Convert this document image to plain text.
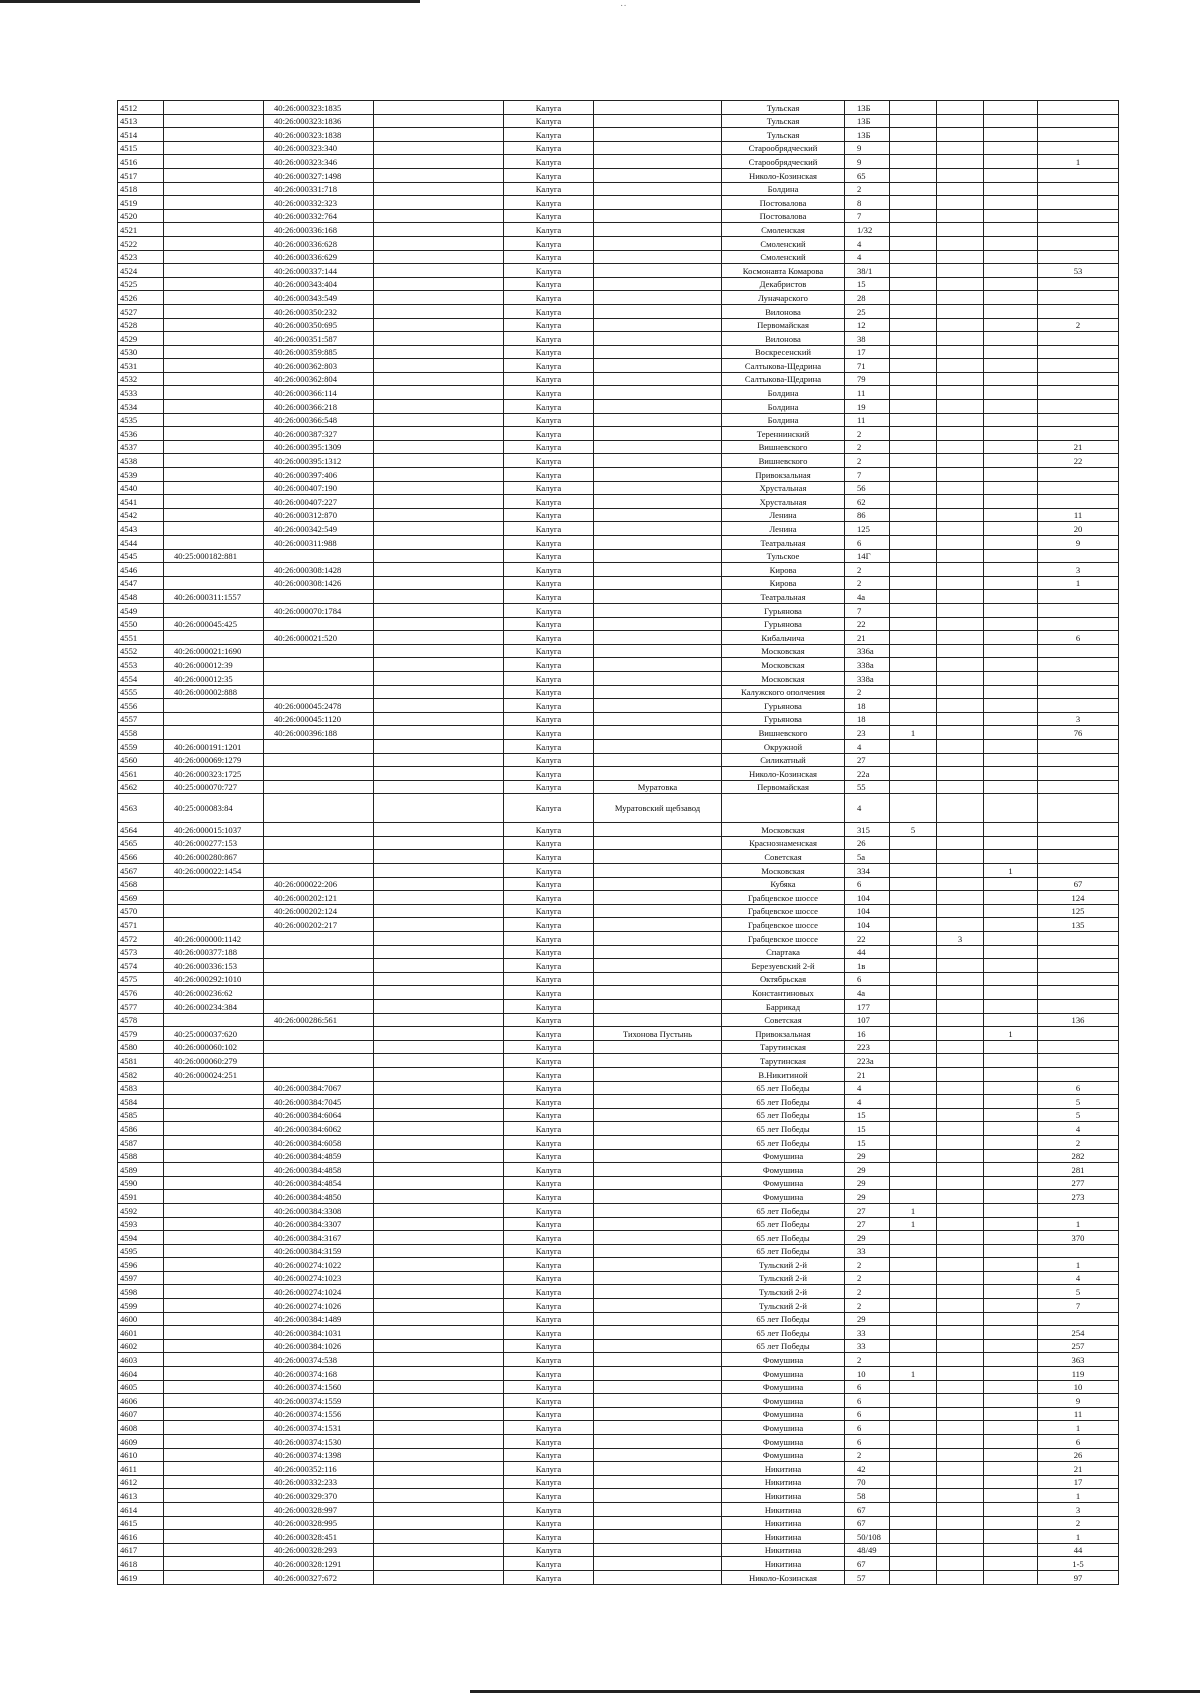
˙˙
4512		40:26:000323:1835		Калуга		Тульская	13Б				
4513		40:26:000323:1836		Калуга		Тульская	13Б				
4514		40:26:000323:1838		Калуга		Тульская	13Б				
4515		40:26:000323:340		Калуга		Старообрядческий	9				
4516		40:26:000323:346		Калуга		Старообрядческий	9				1
4517		40:26:000327:1498		Калуга		Николо-Козинская	65				
4518		40:26:000331:718		Калуга		Болдина	2				
4519		40:26:000332:323		Калуга		Постовалова	8				
4520		40:26:000332:764		Калуга		Постовалова	7				
4521		40:26:000336:168		Калуга		Смоленская	1/32				
4522		40:26:000336:628		Калуга		Смоленский	4				
4523		40:26:000336:629		Калуга		Смоленский	4				
4524		40:26:000337:144		Калуга		Космонавта Комарова	38/1				53
4525		40:26:000343:404		Калуга		Декабристов	15				
4526		40:26:000343:549		Калуга		Луначарского	28				
4527		40:26:000350:232		Калуга		Вилонова	25				
4528		40:26:000350:695		Калуга		Первомайская	12				2
4529		40:26:000351:587		Калуга		Вилонова	38				
4530		40:26:000359:885		Калуга		Воскресенский	17				
4531		40:26:000362:803		Калуга		Салтыкова-Щедрина	71				
4532		40:26:000362:804		Калуга		Салтыкова-Щедрина	79				
4533		40:26:000366:114		Калуга		Болдина	11				
4534		40:26:000366:218		Калуга		Болдина	19				
4535		40:26:000366:548		Калуга		Болдина	11				
4536		40:26:000387:327		Калуга		Тереннинский	2				
4537		40:26:000395:1309		Калуга		Вишневского	2				21
4538		40:26:000395:1312		Калуга		Вишневского	2				22
4539		40:26:000397:406		Калуга		Привокзальная	7				
4540		40:26:000407:190		Калуга		Хрустальная	56				
4541		40:26:000407:227		Калуга		Хрустальная	62				
4542		40:26:000312:870		Калуга		Ленина	86				11
4543		40:26:000342:549		Калуга		Ленина	125				20
4544		40:26:000311:988		Калуга		Театральная	6				9
4545	40:25:000182:881			Калуга		Тульское	14Г				
4546		40:26:000308:1428		Калуга		Кирова	2				3
4547		40:26:000308:1426		Калуга		Кирова	2				1
4548	40:26:000311:1557			Калуга		Театральная	4а				
4549		40:26:000070:1784		Калуга		Гурьянова	7				
4550	40:26:000045:425			Калуга		Гурьянова	22				
4551		40:26:000021:520		Калуга		Кибальчича	21				6
4552	40:26:000021:1690			Калуга		Московская	336а				
4553	40:26:000012:39			Калуга		Московская	338а				
4554	40:26:000012:35			Калуга		Московская	338а				
4555	40:26:000002:888			Калуга		Калужского ополчения	2				
4556		40:26:000045:2478		Калуга		Гурьянова	18				
4557		40:26:000045:1120		Калуга		Гурьянова	18				3
4558		40:26:000396:188		Калуга		Вишневского	23	1			76
4559	40:26:000191:1201			Калуга		Окружной	4				
4560	40:26:000069:1279			Калуга		Силикатный	27				
4561	40:26:000323:1725			Калуга		Николо-Козинская	22а				
4562	40:25:000070:727			Калуга	Муратовка	Первомайская	55				
4563	40:25:000083:84			Калуга	Муратовский щебзавод		4				
4564	40:26:000015:1037			Калуга		Московская	315	5			
4565	40:26:000277:153			Калуга		Краснознаменская	26				
4566	40:26:000280:867			Калуга		Советская	5а				
4567	40:26:000022:1454			Калуга		Московская	334			1	
4568		40:26:000022:206		Калуга		Кубяка	6				67
4569		40:26:000202:121		Калуга		Грабцевское шоссе	104				124
4570		40:26:000202:124		Калуга		Грабцевское шоссе	104				125
4571		40:26:000202:217		Калуга		Грабцевское шоссе	104				135
4572	40:26:000000:1142			Калуга		Грабцевское шоссе	22		3		
4573	40:26:000377:188			Калуга		Спартака	44				
4574	40:26:000336:153			Калуга		Березуевский 2-й	1в				
4575	40:26:000292:1010			Калуга		Октябрьская	6				
4576	40:26:000236:62			Калуга		Константиновых	4а				
4577	40:26:000234:384			Калуга		Баррикад	177				
4578		40:26:000286:561		Калуга		Советская	107				136
4579	40:25:000037:620			Калуга	Тихонова Пустынь	Привокзальная	16			1	
4580	40:26:000060:102			Калуга		Тарутинская	223				
4581	40:26:000060:279			Калуга		Тарутинская	223а				
4582	40:26:000024:251			Калуга		В.Никитиной	21				
4583		40:26:000384:7067		Калуга		65 лет Победы	4				6
4584		40:26:000384:7045		Калуга		65 лет Победы	4				5
4585		40:26:000384:6064		Калуга		65 лет Победы	15				5
4586		40:26:000384:6062		Калуга		65 лет Победы	15				4
4587		40:26:000384:6058		Калуга		65 лет Победы	15				2
4588		40:26:000384:4859		Калуга		Фомушина	29				282
4589		40:26:000384:4858		Калуга		Фомушина	29				281
4590		40:26:000384:4854		Калуга		Фомушина	29				277
4591		40:26:000384:4850		Калуга		Фомушина	29				273
4592		40:26:000384:3308		Калуга		65 лет Победы	27	1			
4593		40:26:000384:3307		Калуга		65 лет Победы	27	1			1
4594		40:26:000384:3167		Калуга		65 лет Победы	29				370
4595		40:26:000384:3159		Калуга		65 лет Победы	33				
4596		40:26:000274:1022		Калуга		Тульский 2-й	2				1
4597		40:26:000274:1023		Калуга		Тульский 2-й	2				4
4598		40:26:000274:1024		Калуга		Тульский 2-й	2				5
4599		40:26:000274:1026		Калуга		Тульский 2-й	2				7
4600		40:26:000384:1489		Калуга		65 лет Победы	29				
4601		40:26:000384:1031		Калуга		65 лет Победы	33				254
4602		40:26:000384:1026		Калуга		65 лет Победы	33				257
4603		40:26:000374:538		Калуга		Фомушина	2				363
4604		40:26:000374:168		Калуга		Фомушина	10	1			119
4605		40:26:000374:1560		Калуга		Фомушина	6				10
4606		40:26:000374:1559		Калуга		Фомушина	6				9
4607		40:26:000374:1556		Калуга		Фомушина	6				11
4608		40:26:000374:1531		Калуга		Фомушина	6				1
4609		40:26:000374:1530		Калуга		Фомушина	6				6
4610		40:26:000374:1398		Калуга		Фомушина	2				26
4611		40:26:000352:116		Калуга		Никитина	42				21
4612		40:26:000332:233		Калуга		Никитина	70				17
4613		40:26:000329:370		Калуга		Никитина	58				1
4614		40:26:000328:997		Калуга		Никитина	67				3
4615		40:26:000328:995		Калуга		Никитина	67				2
4616		40:26:000328:451		Калуга		Никитина	50/108				1
4617		40:26:000328:293		Калуга		Никитина	48/49				44
4618		40:26:000328:1291		Калуга		Никитина	67				1-5
4619		40:26:000327:672		Калуга		Николо-Козинская	57				97
